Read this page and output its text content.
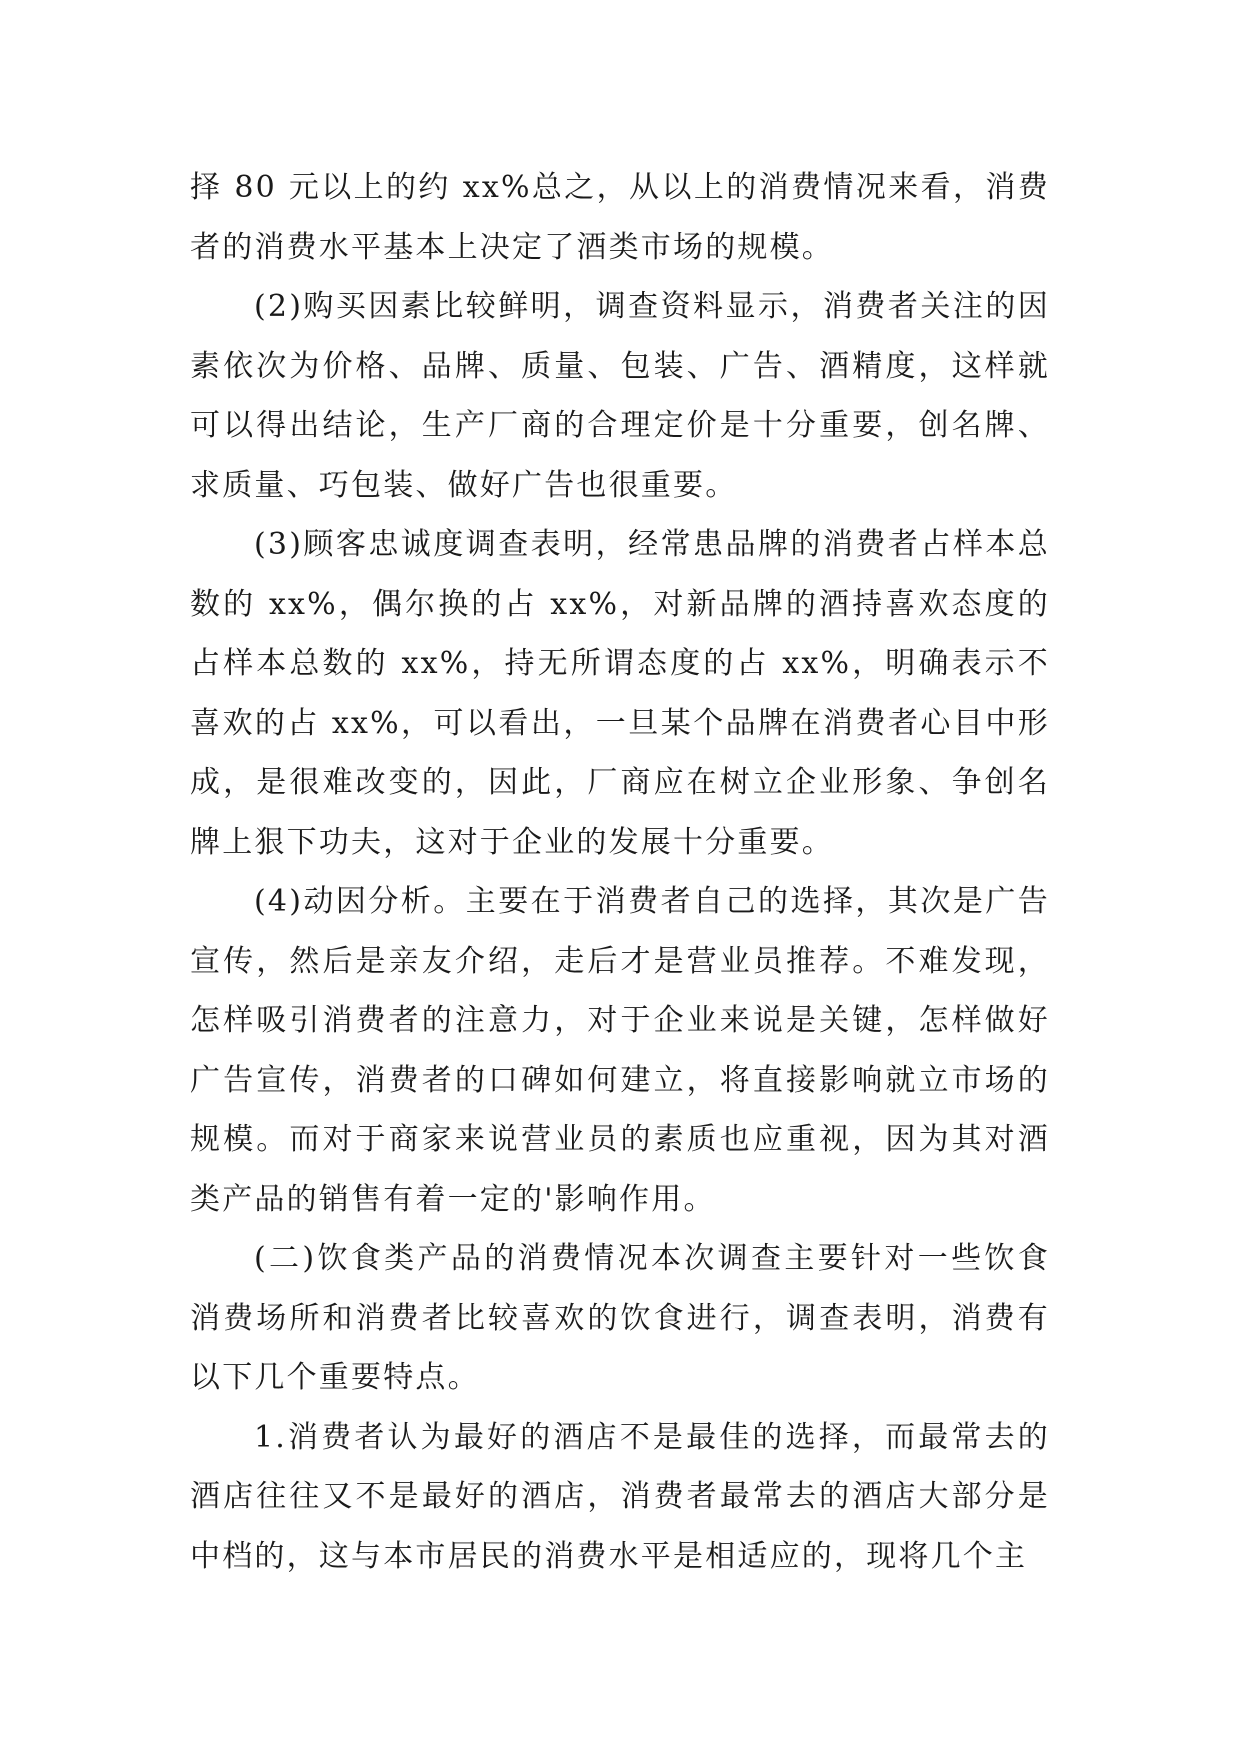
择 80 元以上的约 xx%总之，从以上的消费情况来看，消费者的消费水平基本上决定了酒类市场的规模。

(2)购买因素比较鲜明，调查资料显示，消费者关注的因素依次为价格、品牌、质量、包装、广告、酒精度，这样就可以得出结论，生产厂商的合理定价是十分重要，创名牌、求质量、巧包装、做好广告也很重要。

(3)顾客忠诚度调查表明，经常患品牌的消费者占样本总数的 xx%，偶尔换的占 xx%，对新品牌的酒持喜欢态度的占样本总数的 xx%，持无所谓态度的占 xx%，明确表示不喜欢的占 xx%，可以看出，一旦某个品牌在消费者心目中形成，是很难改变的，因此，厂商应在树立企业形象、争创名牌上狠下功夫，这对于企业的发展十分重要。

(4)动因分析。主要在于消费者自己的选择，其次是广告宣传，然后是亲友介绍，走后才是营业员推荐。不难发现，怎样吸引消费者的注意力，对于企业来说是关键，怎样做好广告宣传，消费者的口碑如何建立，将直接影响就立市场的规模。而对于商家来说营业员的素质也应重视，因为其对酒类产品的销售有着一定的'影响作用。

(二)饮食类产品的消费情况本次调查主要针对一些饮食消费场所和消费者比较喜欢的饮食进行，调查表明，消费有以下几个重要特点。

1.消费者认为最好的酒店不是最佳的选择，而最常去的酒店往往又不是最好的酒店，消费者最常去的酒店大部分是中档的，这与本市居民的消费水平是相适应的，现将几个主
